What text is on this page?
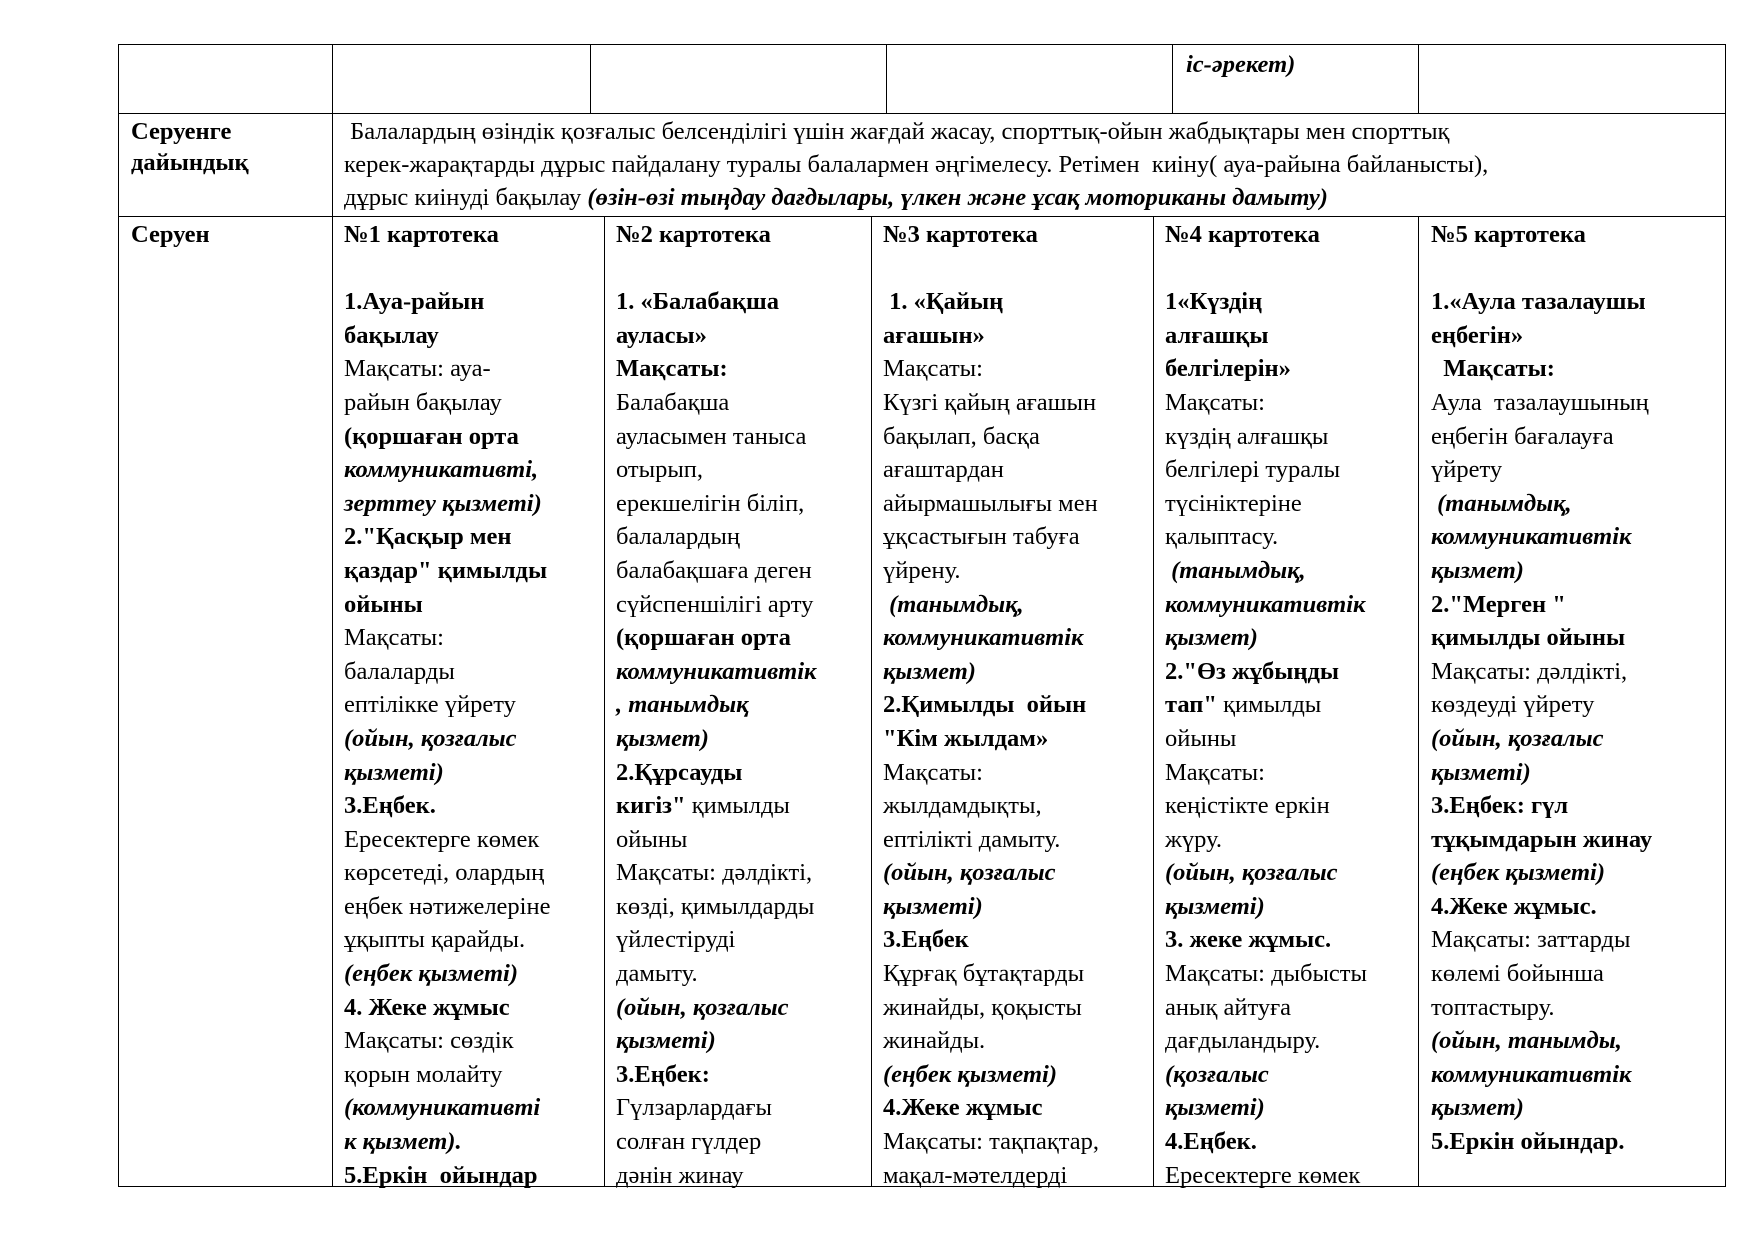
іс-әрекет)
Серуенге
дайындық
Балалардың өзіндік қозғалыс белсенділігі үшін жағдай жасау, спорттық-ойын жабдықтары мен спорттық
керек-жарақтарды дұрыс пайдалану туралы балалармен әңгімелесу. Ретімен  киіну( ауа-райына байланысты),
дұрыс киінуді бақылау (өзін-өзі тыңдау дағдылары, үлкен және ұсақ моториканы дамыту)
Серуен	№1 картотека

1.Ауа-райын
бақылау
Мақсаты: ауа-
райын бақылау
(қоршаған орта
коммуникативті,
зерттеу қызметі)
2."Қасқыр мен
қаздар" қимылды
ойыны
Мақсаты:
балаларды
ептілікке үйрету
(ойын, қозғалыс
қызметі)
3.Еңбек.
Ересектерге көмек
көрсетеді, олардың
еңбек нәтижелеріне
ұқыпты қарайды.
(еңбек қызметі)
4. Жеке жұмыс
Мақсаты: сөздік
қорын молайту
(коммуникативті
к қызмет).
5.Еркін  ойындар
№2 картотека

1. «Балабақша
ауласы»
Мақсаты:
Балабақша
ауласымен таныса
отырып,
ерекшелігін біліп,
балалардың
балабақшаға деген
сүйспеншілігі арту
(қоршаған орта
коммуникативтік
, танымдық
қызмет)
2.Құрсауды
кигіз" қимылды
ойыны
Мақсаты: дәлдікті,
көзді, қимылдарды
үйлестіруді
дамыту.
(ойын, қозғалыс
қызметі)
3.Еңбек:
Гүлзарлардағы
солған гүлдер
дәнін жинау
№3 картотека

1. «Қайың
ағашын»
Мақсаты:
Күзгі қайың ағашын
бақылап, басқа
ағаштардан
айырмашылығы мен
ұқсастығын табуға
үйрену.
(танымдық,
коммуникативтік
қызмет)
2.Қимылды  ойын
"Кім жылдам»
Мақсаты:
жылдамдықты,
ептілікті дамыту.
(ойын, қозғалыс
қызметі)
3.Еңбек
Құрғақ бұтақтарды
жинайды, қоқысты
жинайды.
(еңбек қызметі)
4.Жеке жұмыс
Мақсаты: тақпақтар,
мақал-мәтелдерді
№4 картотека

1«Күздің
алғашқы
белгілерін»
Мақсаты:
күздің алғашқы
белгілері туралы
түсініктеріне
қалыптасу.
(танымдық,
коммуникативтік
қызмет)
2."Өз жұбыңды
тап" қимылды
ойыны
Мақсаты:
кеңістікте еркін
жүру.
(ойын, қозғалыс
қызметі)
3. жеке жұмыс.
Мақсаты: дыбысты
анық айтуға
дағдыландыру.
(қозғалыс
қызметі)
4.Еңбек.
Ересектерге көмек
№5 картотека

1.«Аула тазалаушы
еңбегін»
Мақсаты:
Аула  тазалаушының
еңбегін бағалауға
үйрету
(танымдық,
коммуникативтік
қызмет)
2."Мерген "
қимылды ойыны
Мақсаты: дәлдікті,
көздеуді үйрету
(ойын, қозғалыс
қызметі)
3.Еңбек: гүл
тұқымдарын жинау
(еңбек қызметі)
4.Жеке жұмыс.
Мақсаты: заттарды
көлемі бойынша
топтастыру.
(ойын, танымды,
коммуникативтік
қызмет)
5.Еркін ойындар.
